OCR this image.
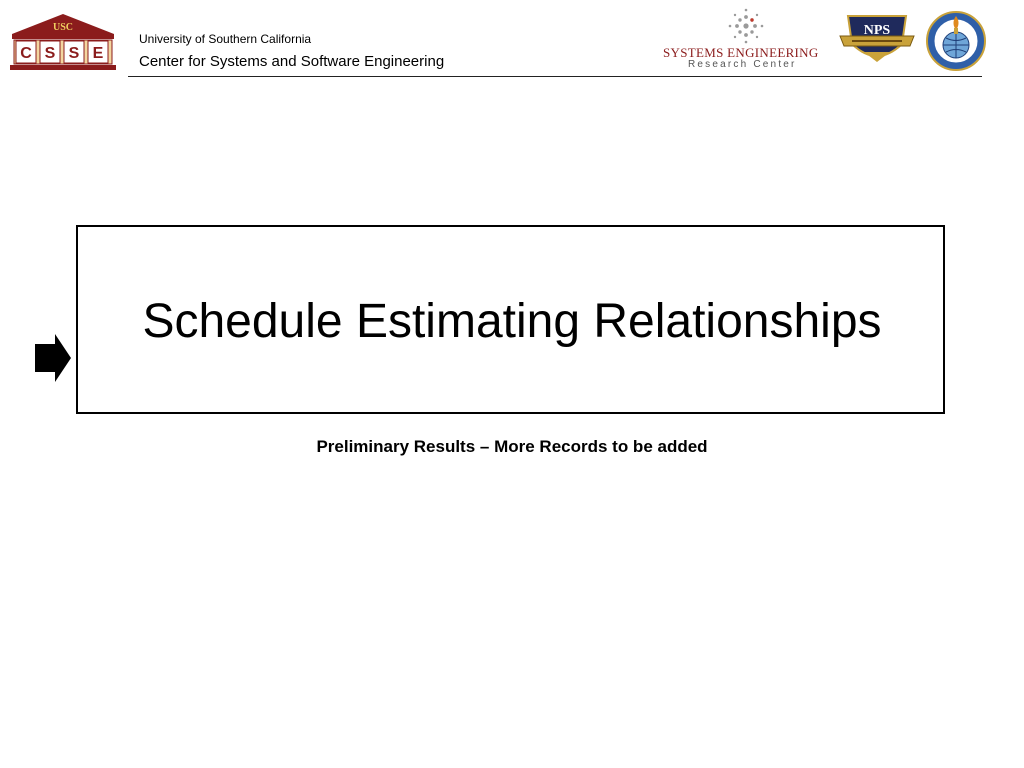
USC
C S S E
University of Southern California
Center for Systems and Software Engineering
SYSTEMS ENGINEERING
Research Center
NPS
Schedule Estimating Relationships
Preliminary Results – More Records to be added
